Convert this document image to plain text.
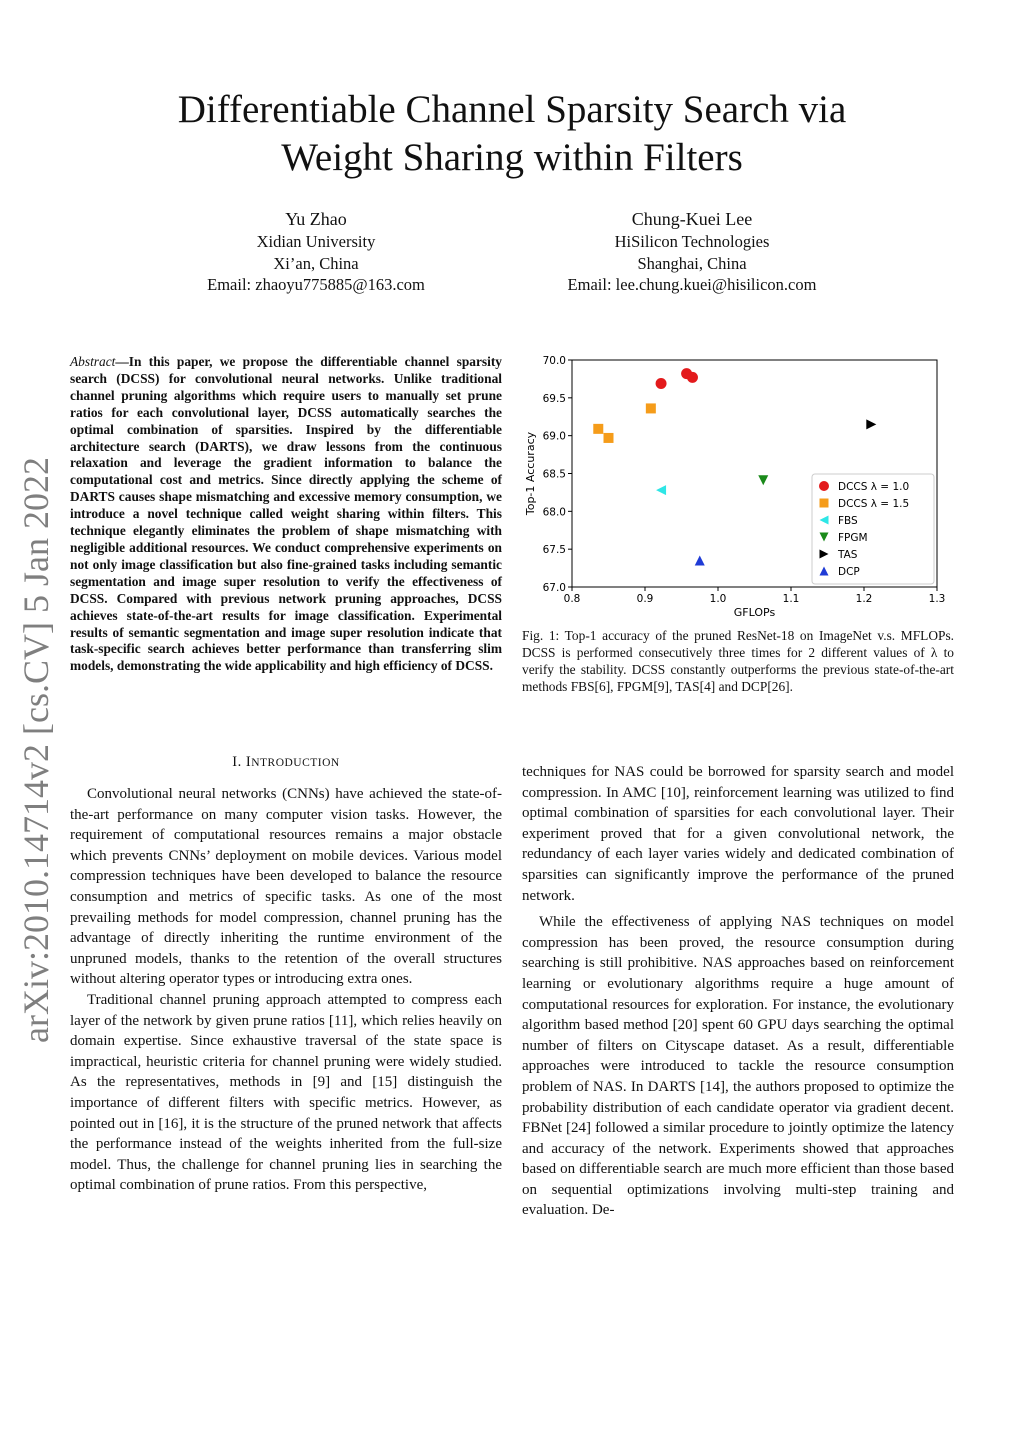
arXiv:2010.14714v2 [cs.CV] 5 Jan 2022
Differentiable Channel Sparsity Search via
Weight Sharing within Filters
Yu Zhao
Xidian University
Xi’an, China
Email: zhaoyu775885@163.com
Chung-Kuei Lee
HiSilicon Technologies
Shanghai, China
Email: lee.chung.kuei@hisilicon.com
Abstract—In this paper, we propose the differentiable channel sparsity search (DCSS) for convolutional neural networks. Unlike traditional channel pruning algorithms which require users to manually set prune ratios for each convolutional layer, DCSS automatically searches the optimal combination of sparsities. Inspired by the differentiable architecture search (DARTS), we draw lessons from the continuous relaxation and leverage the gradient information to balance the computational cost and metrics. Since directly applying the scheme of DARTS causes shape mismatching and excessive memory consumption, we introduce a novel technique called weight sharing within filters. This technique elegantly eliminates the problem of shape mismatching with negligible additional resources. We conduct comprehensive experiments on not only image classification but also fine-grained tasks including semantic segmentation and image super resolution to verify the effectiveness of DCSS. Compared with previous network pruning approaches, DCSS achieves state-of-the-art results for image classification. Experimental results of semantic segmentation and image super resolution indicate that task-specific search achieves better performance than transferring slim models, demonstrating the wide applicability and high efficiency of DCSS.
I. INTRODUCTION

Convolutional neural networks (CNNs) have achieved the state-of-the-art performance on many computer vision tasks. However, the requirement of computational resources remains a major obstacle which prevents CNNs’ deployment on mobile devices. Various model compression techniques have been developed to balance the resource consumption and metrics of specific tasks. As one of the most prevailing methods for model compression, channel pruning has the advantage of directly inheriting the runtime environment of the unpruned models, thanks to the retention of the overall structures without altering operator types or introducing extra ones.

Traditional channel pruning approach attempted to compress each layer of the network by given prune ratios [11], which relies heavily on domain expertise. Since exhaustive traversal of the state space is impractical, heuristic criteria for channel pruning were widely studied. As the representatives, methods in [9] and [15] distinguish the importance of different filters with specific metrics. However, as pointed out in [16], it is the structure of the pruned network that affects the performance instead of the weights inherited from the full-size model. Thus, the challenge for channel pruning lies in searching the optimal combination of prune ratios. From this perspective,

techniques for NAS could be borrowed for sparsity search and model compression. In AMC [10], reinforcement learning was utilized to find optimal combination of sparsities for each convolutional layer. Their experiment proved that for a given convolutional network, the redundancy of each layer varies widely and dedicated combination of sparsities can significantly improve the performance of the pruned network.

While the effectiveness of applying NAS techniques on model compression has been proved, the resource consumption during searching is still prohibitive. NAS approaches based on reinforcement learning or evolutionary algorithms require a huge amount of computational resources for exploration. For instance, the evolutionary algorithm based method [20] spent 60 GPU days searching the optimal number of filters on Cityscape dataset. As a result, differentiable approaches were introduced to tackle the resource consumption problem of NAS. In DARTS [14], the authors proposed to optimize the probability distribution of each candidate operator via gradient decent. FBNet [24] followed a similar procedure to jointly optimize the latency and accuracy of the network. Experiments showed that approaches based on differentiable search are much more efficient than those based on sequential optimizations involving multi-step training and evaluation. De-

0.8	0.9	1.0	1.1	1.2	1.3
67.0
67.5
68.0
68.5
69.0
69.5
70.0
GFLOPs
Top-1 Accuracy	DCCS λ = 1.0
DCCS λ = 1.5
FBS
FPGM
TAS
DCP
Fig. 1: Top-1 accuracy of the pruned ResNet-18 on ImageNet v.s. MFLOPs. DCSS is performed consecutively three times for 2 different values of λ to verify the stability. DCSS constantly outperforms the previous state-of-the-art methods FBS[6], FPGM[9], TAS[4] and DCP[26].
